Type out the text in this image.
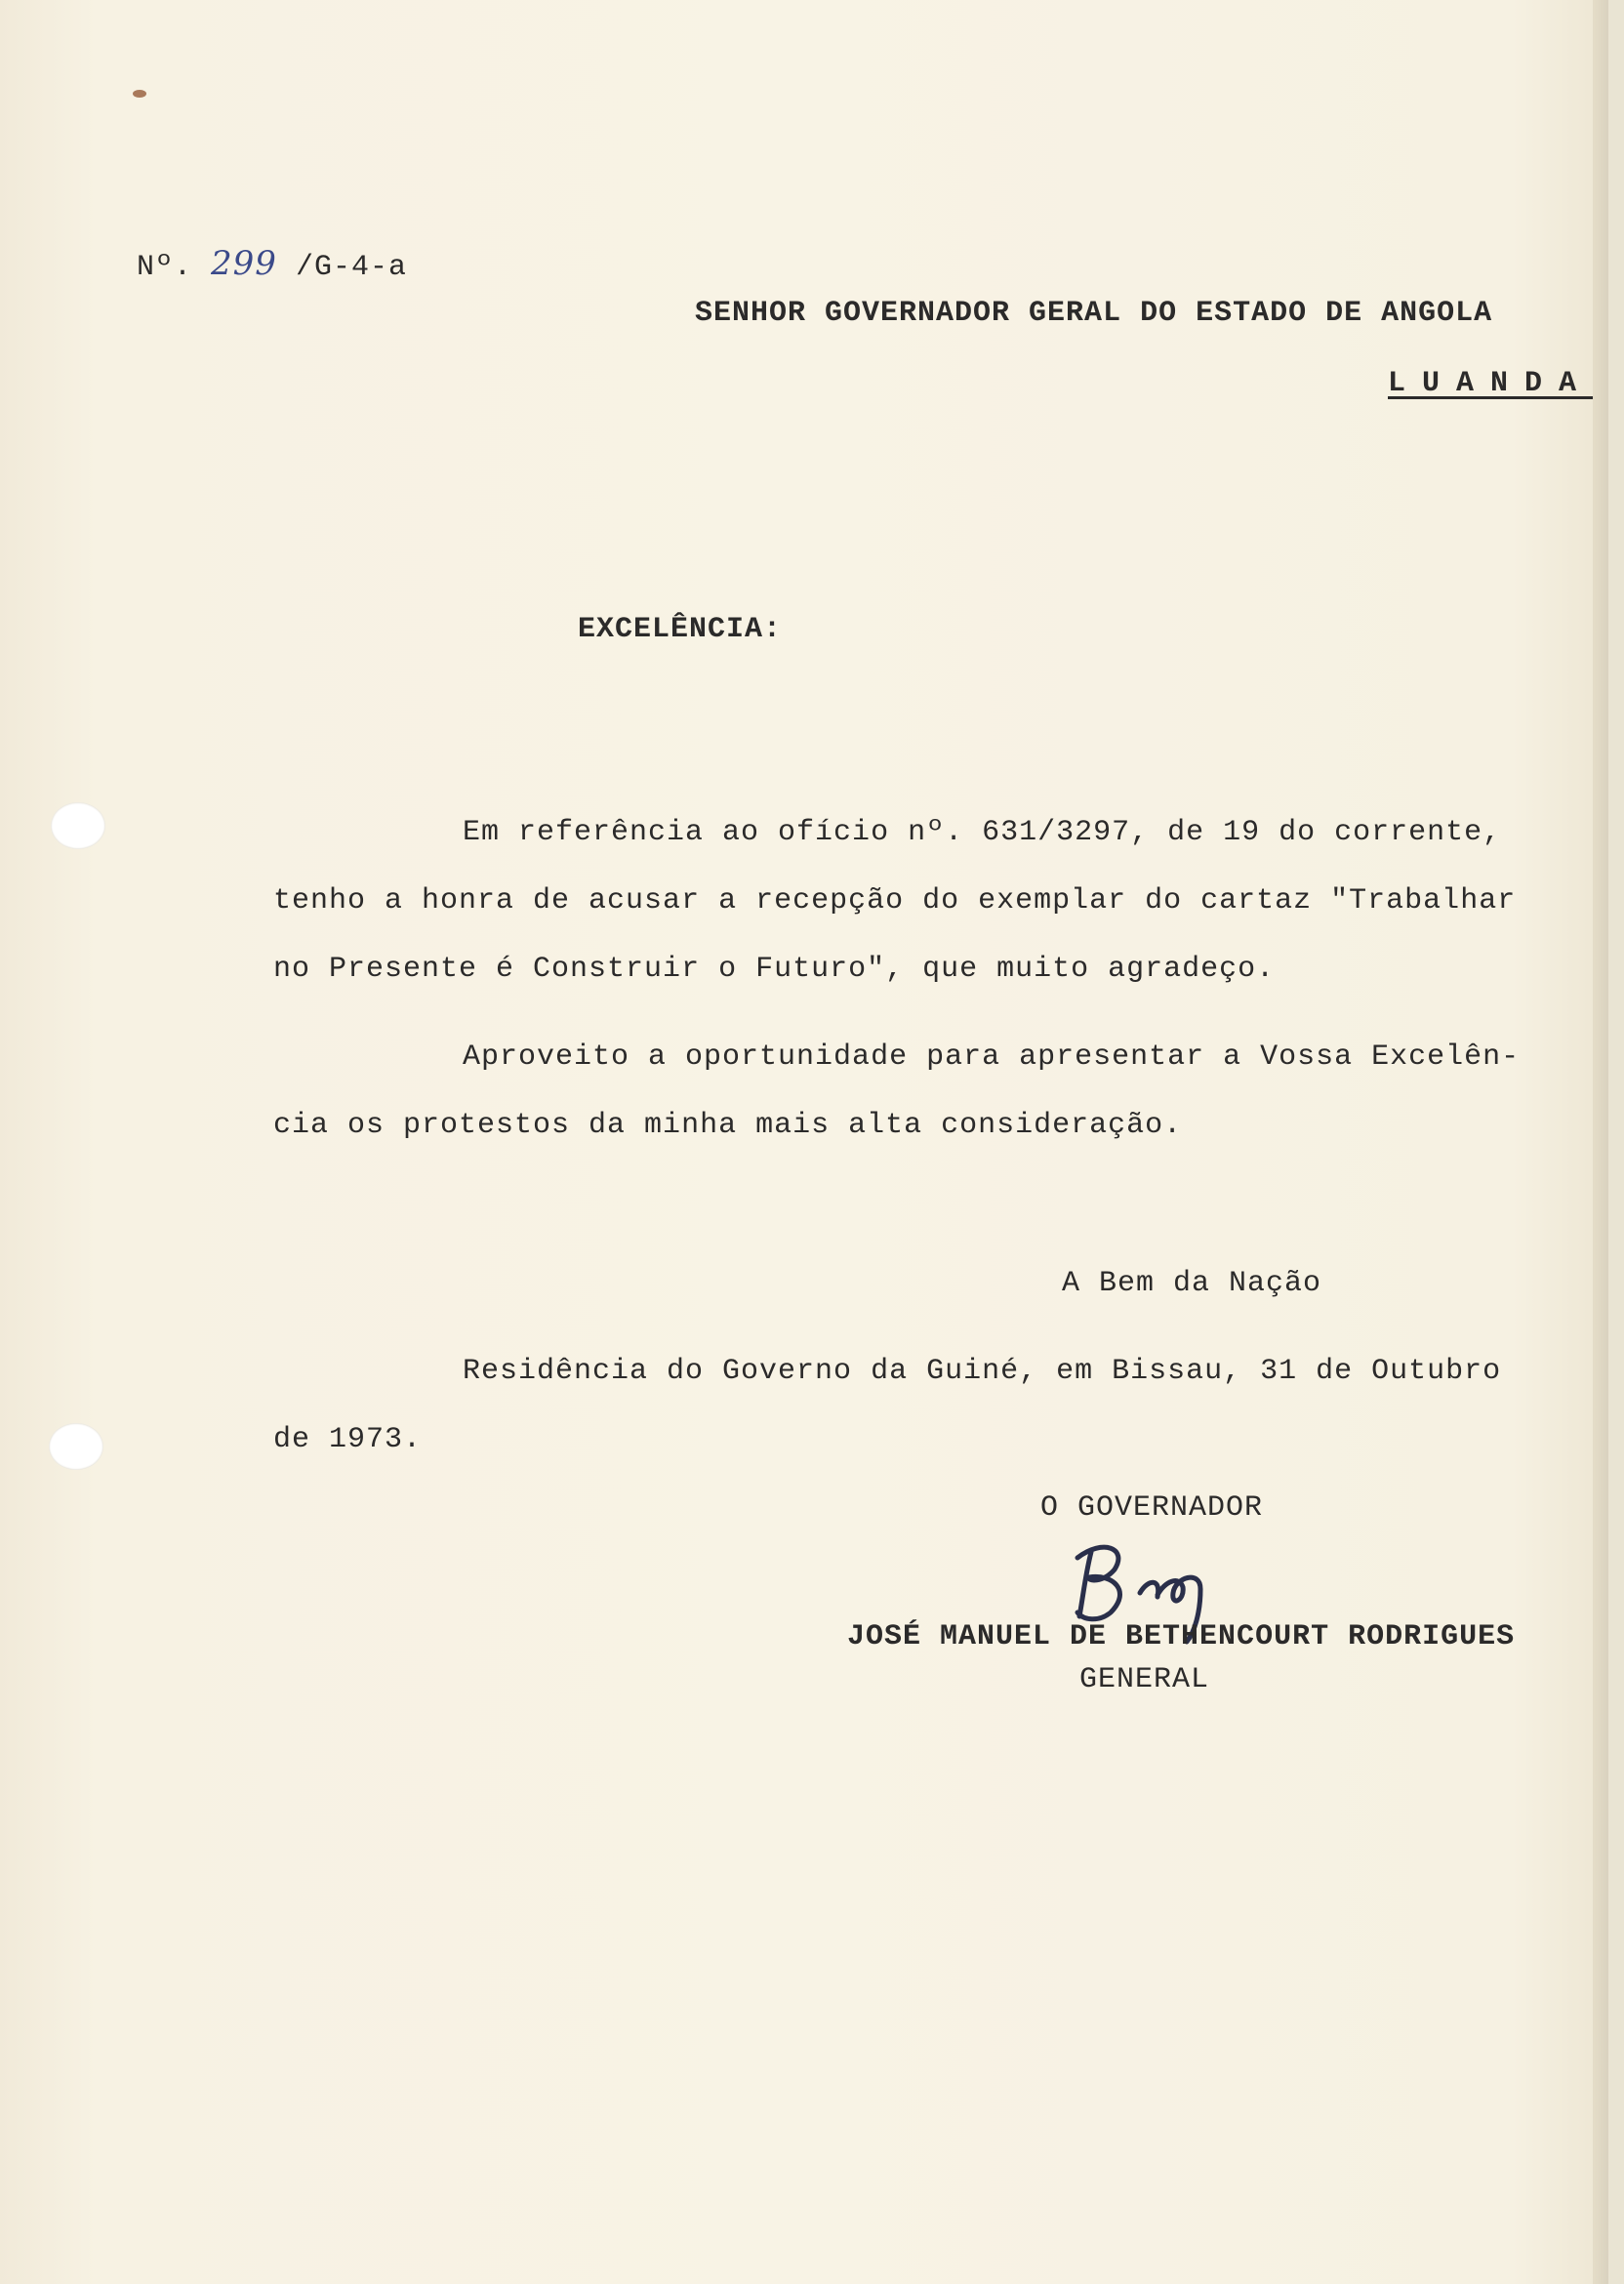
Nº. 299 /G-4-a
SENHOR GOVERNADOR GERAL DO ESTADO DE ANGOLA
LUANDA
EXCELÊNCIA:
Em referência ao ofício nº. 631/3297, de 19 do corrente,
tenho a honra de acusar a recepção do exemplar do cartaz "Trabalhar
no Presente é Construir o Futuro", que muito agradeço.
Aproveito a oportunidade para apresentar a Vossa Excelên-
cia os protestos da minha mais alta consideração.
A Bem da Nação
Residência do Governo da Guiné, em Bissau, 31 de Outubro
de 1973.
O GOVERNADOR
JOSÉ MANUEL DE BETHENCOURT RODRIGUES
GENERAL
